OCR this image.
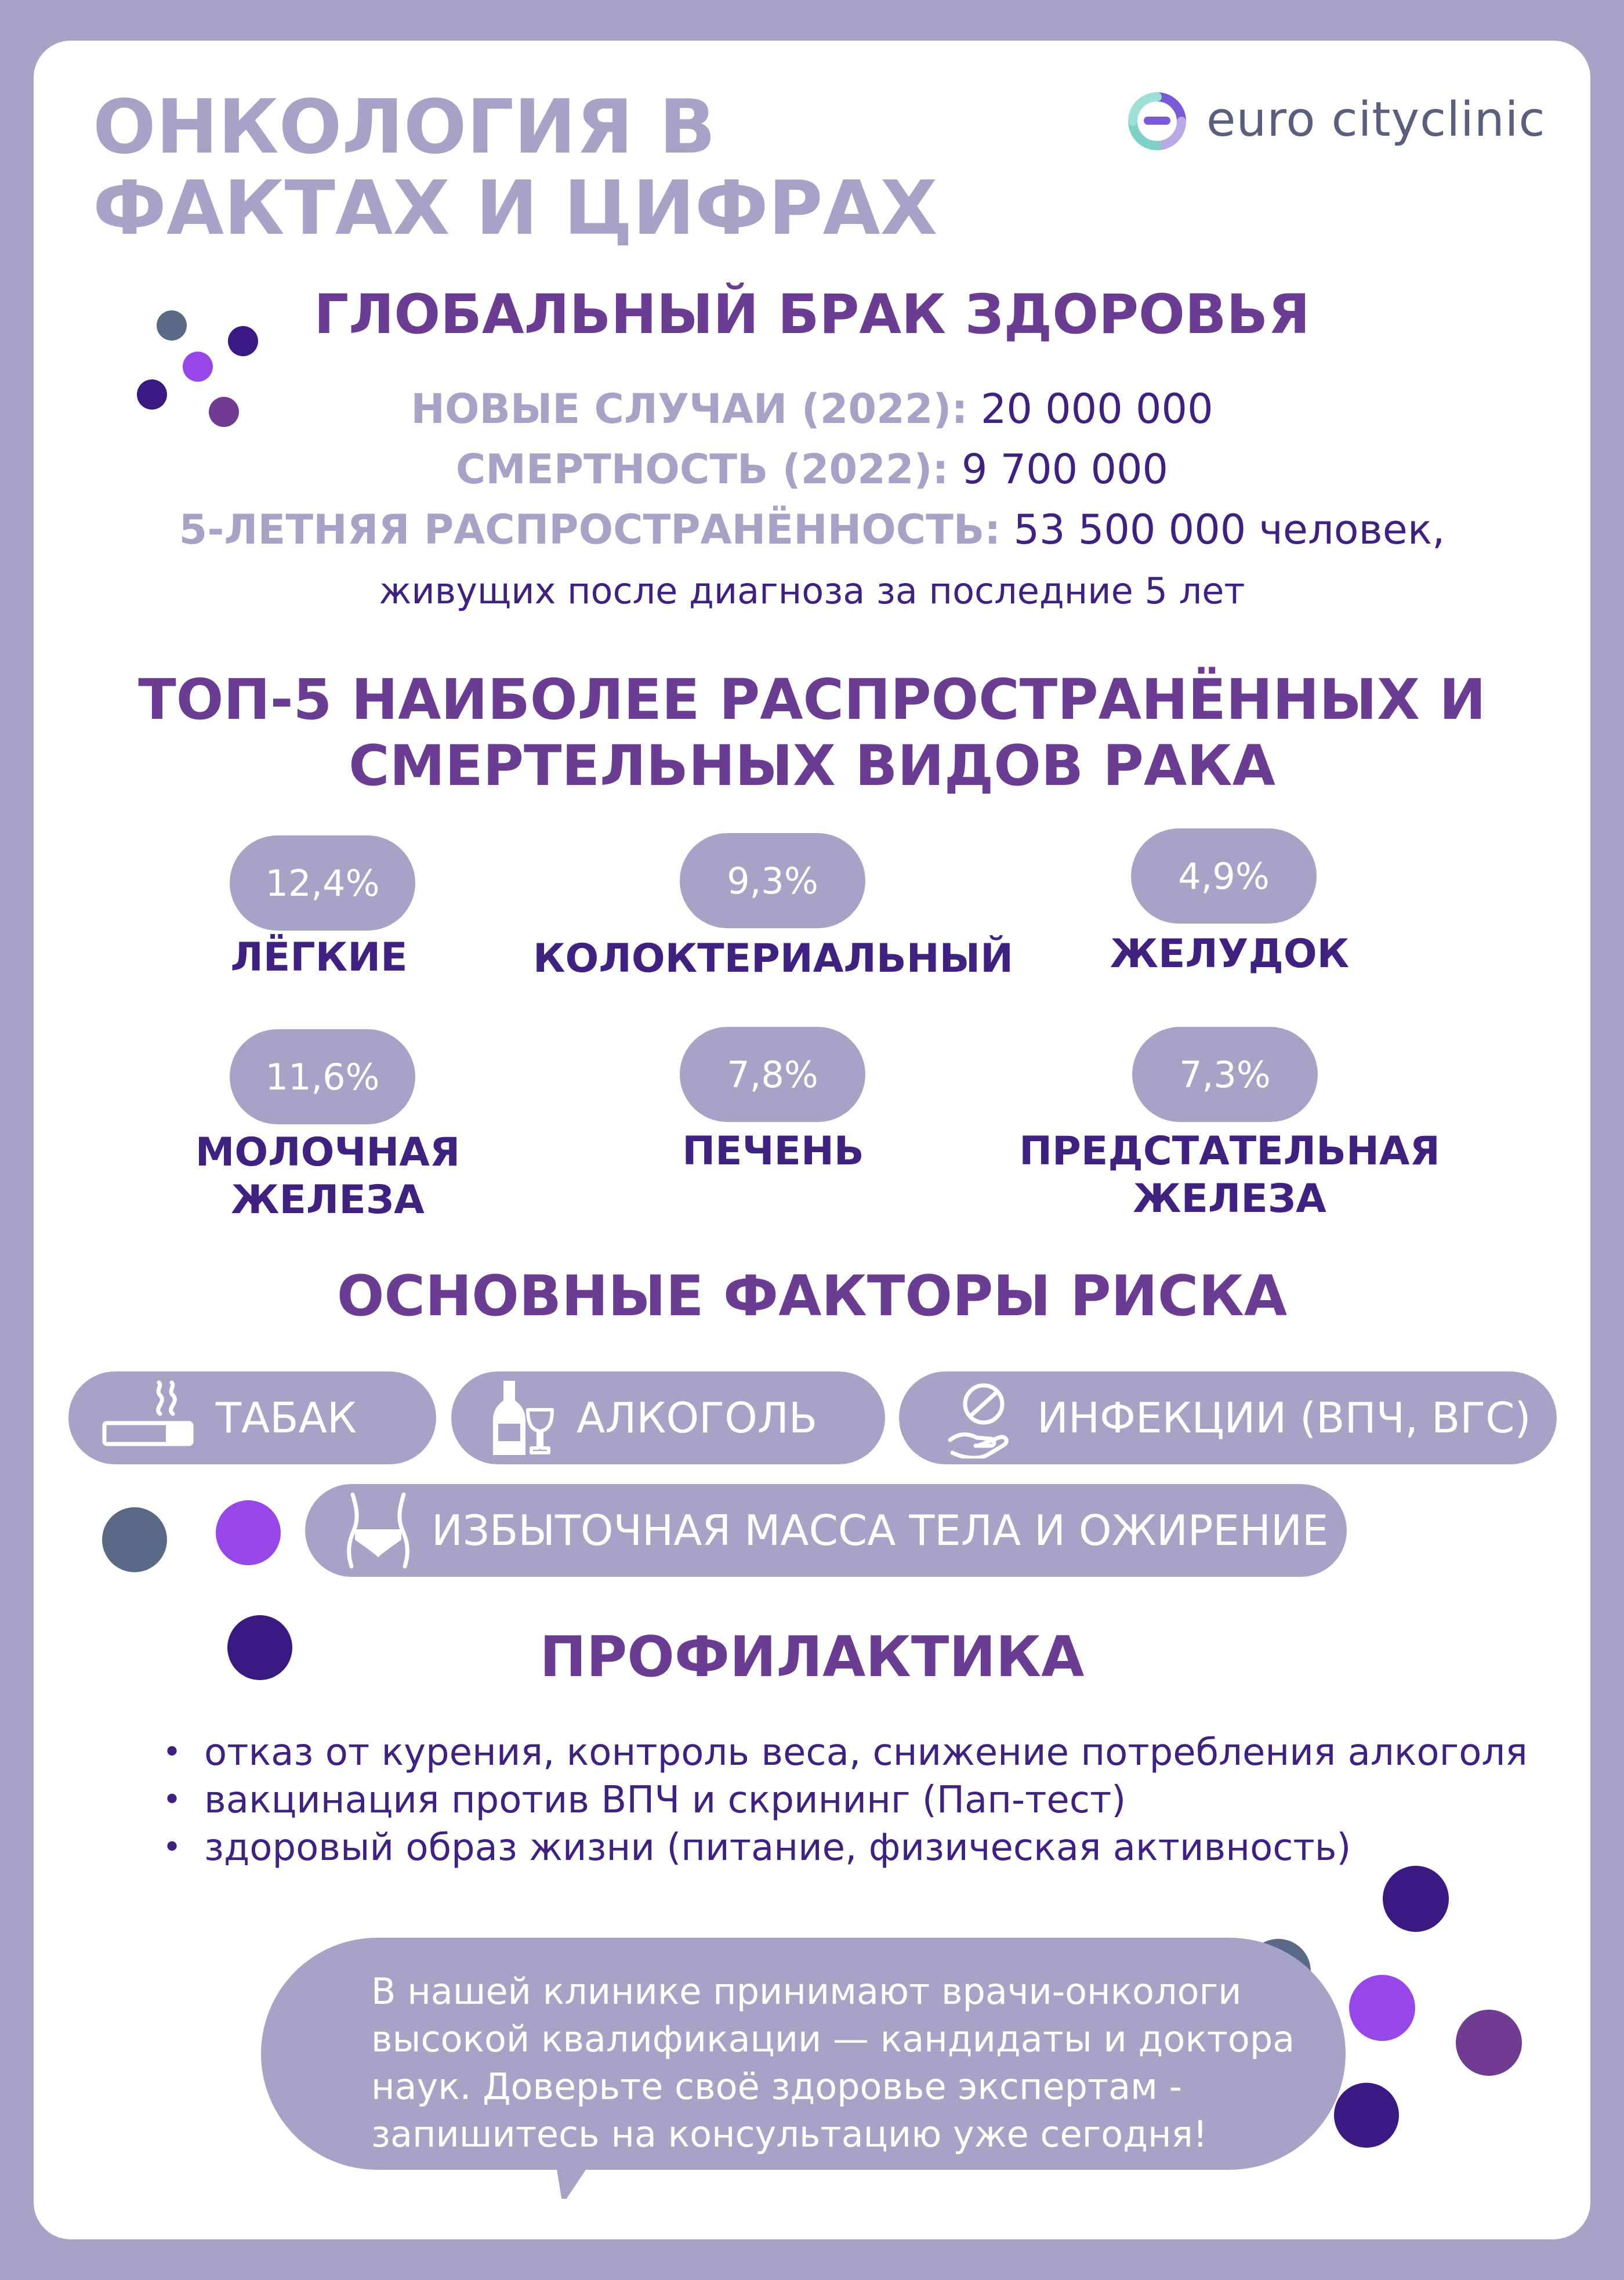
ОНКОЛОГИЯ В ФАКТАХ И ЦИФРАХ
euro cityclinic
ГЛОБАЛЬНЫЙ БРАК ЗДОРОВЬЯ
НОВЫЕ СЛУЧАИ (2022): 20 000 000
СМЕРТНОСТЬ (2022): 9 700 000
5-ЛЕТНЯЯ РАСПРОСТРАНЁННОСТЬ: 53 500 000 человек,
живущих после диагноза за последние 5 лет
ТОП-5 НАИБОЛЕЕ РАСПРОСТРАНЁННЫХ И
СМЕРТЕЛЬНЫХ ВИДОВ РАКА
12,4%
ЛЁГКИЕ
9,3%
КОЛОКТЕРИАЛЬНЫЙ
4,9%
ЖЕЛУДОК
11,6%
МОЛОЧНАЯ
ЖЕЛЕЗА
7,8%
ПЕЧЕНЬ
7,3%
ПРЕДСТАТЕЛЬНАЯ
ЖЕЛЕЗА
ОСНОВНЫЕ ФАКТОРЫ РИСКА
ТАБАК	АЛКОГОЛЬ	ИНФЕКЦИИ (ВПЧ, ВГС)
ИЗБЫТОЧНАЯ МАССА ТЕЛА И ОЖИРЕНИЕ
ПРОФИЛАКТИКА
• отказ от курения, контроль веса, снижение потребления алкоголя
• вакцинация против ВПЧ и скрининг (Пап-тест)
• здоровый образ жизни (питание, физическая активность)
В нашей клинике принимают врачи-онкологи высокой квалификации — кандидаты и доктора наук. Доверьте своё здоровье экспертам - запишитесь на консультацию уже сегодня!
